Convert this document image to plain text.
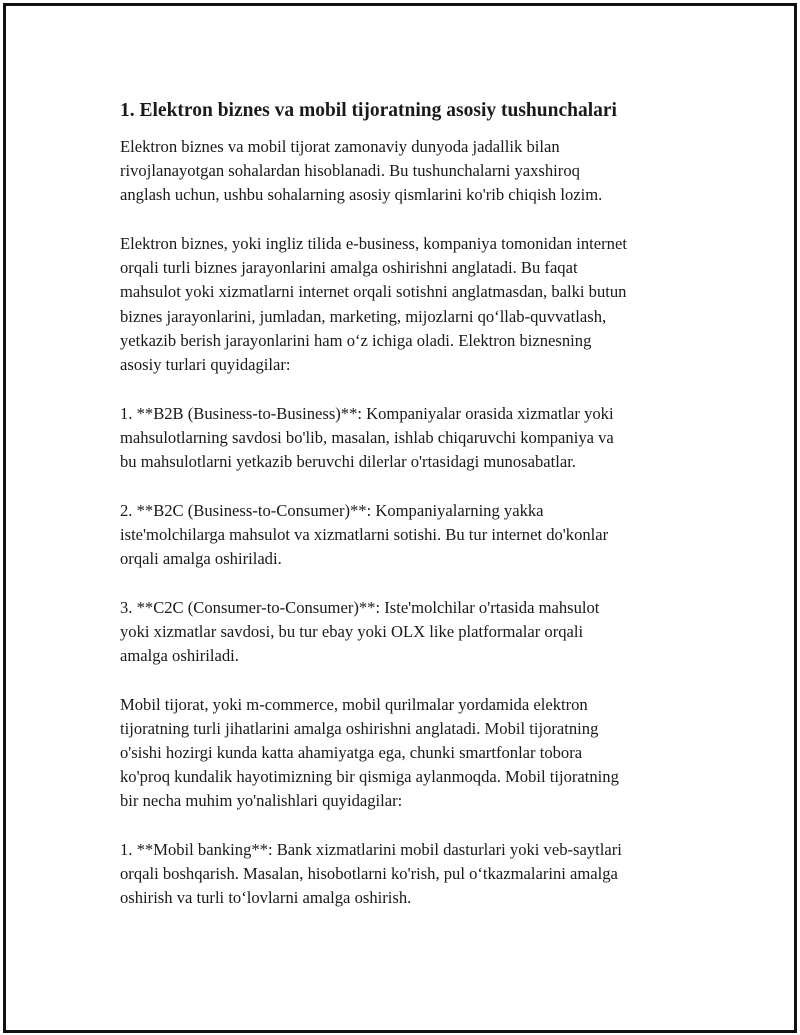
1. Elektron biznes va mobil tijoratning asosiy tushunchalari

Elektron biznes va mobil tijorat zamonaviy dunyoda jadallik bilan
rivojlanayotgan sohalardan hisoblanadi. Bu tushunchalarni yaxshiroq
anglash uchun, ushbu sohalarning asosiy qismlarini ko'rib chiqish lozim.

Elektron biznes, yoki ingliz tilida e-business, kompaniya tomonidan internet
orqali turli biznes jarayonlarini amalga oshirishni anglatadi. Bu faqat
mahsulot yoki xizmatlarni internet orqali sotishni anglatmasdan, balki butun
biznes jarayonlarini, jumladan, marketing, mijozlarni qoʻllab-quvvatlash,
yetkazib berish jarayonlarini ham oʻz ichiga oladi. Elektron biznesning
asosiy turlari quyidagilar:

1. **B2B (Business-to-Business)**: Kompaniyalar orasida xizmatlar yoki
mahsulotlarning savdosi bo'lib, masalan, ishlab chiqaruvchi kompaniya va
bu mahsulotlarni yetkazib beruvchi dilerlar o'rtasidagi munosabatlar.

2. **B2C (Business-to-Consumer)**: Kompaniyalarning yakka
iste'molchilarga mahsulot va xizmatlarni sotishi. Bu tur internet do'konlar
orqali amalga oshiriladi.

3. **C2C (Consumer-to-Consumer)**: Iste'molchilar o'rtasida mahsulot
yoki xizmatlar savdosi, bu tur ebay yoki OLX like platformalar orqali
amalga oshiriladi.

Mobil tijorat, yoki m-commerce, mobil qurilmalar yordamida elektron
tijoratning turli jihatlarini amalga oshirishni anglatadi. Mobil tijoratning
o'sishi hozirgi kunda katta ahamiyatga ega, chunki smartfonlar tobora
ko'proq kundalik hayotimizning bir qismiga aylanmoqda. Mobil tijoratning
bir necha muhim yo'nalishlari quyidagilar:

1. **Mobil banking**: Bank xizmatlarini mobil dasturlari yoki veb-saytlari
orqali boshqarish. Masalan, hisobotlarni ko'rish, pul oʻtkazmalarini amalga
oshirish va turli toʻlovlarni amalga oshirish.
